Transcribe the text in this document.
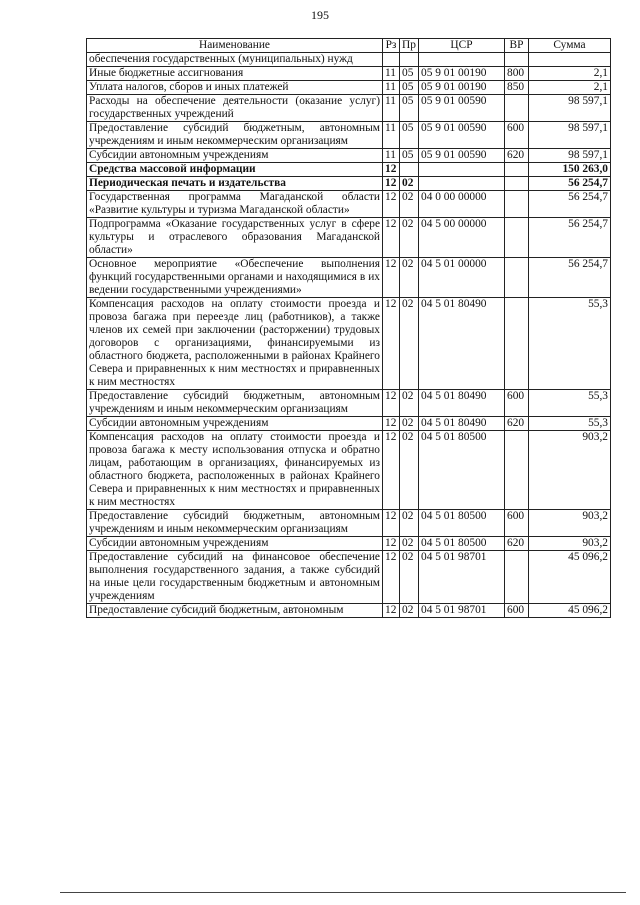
195
Наименование	Рз	Пр	ЦСР	ВР	Сумма
обеспечения государственных (муниципальных) нужд					
Иные бюджетные ассигнования	11	05	05 9 01 00190	800	2,1
Уплата налогов, сборов и иных платежей	11	05	05 9 01 00190	850	2,1
Расходы на обеспечение деятельности (оказание услуг) государственных учреждений	11	05	05 9 01 00590		98 597,1
Предоставление субсидий бюджетным, автономным учреждениям и иным некоммерческим организациям	11	05	05 9 01 00590	600	98 597,1
Субсидии автономным учреждениям	11	05	05 9 01 00590	620	98 597,1
Средства массовой информации	12				150 263,0
Периодическая печать и издательства	12	02			56 254,7
Государственная программа Магаданской области «Развитие культуры и туризма Магаданской области»	12	02	04 0 00 00000		56 254,7
Подпрограмма «Оказание государственных услуг в сфере культуры и отраслевого образования Магаданской области»	12	02	04 5 00 00000		56 254,7
Основное мероприятие «Обеспечение выполнения функций государственными органами и находящимися в их ведении государственными учреждениями»	12	02	04 5 01 00000		56 254,7
Компенсация расходов на оплату стоимости проезда и провоза багажа при переезде лиц (работников), а также членов их семей при заключении (расторжении) трудовых договоров с организациями, финансируемыми из областного бюджета, расположенными в районах Крайнего Севера и приравненных к ним местностях и приравненных к ним местностях	12	02	04 5 01 80490		55,3
Предоставление субсидий бюджетным, автономным учреждениям и иным некоммерческим организациям	12	02	04 5 01 80490	600	55,3
Субсидии автономным учреждениям	12	02	04 5 01 80490	620	55,3
Компенсация расходов на оплату стоимости проезда и провоза багажа к месту использования отпуска и обратно лицам, работающим в организациях, финансируемых из областного бюджета, расположенных в районах Крайнего Севера и приравненных к ним местностях и приравненных к ним местностях	12	02	04 5 01 80500		903,2
Предоставление субсидий бюджетным, автономным учреждениям и иным некоммерческим организациям	12	02	04 5 01 80500	600	903,2
Субсидии автономным учреждениям	12	02	04 5 01 80500	620	903,2
Предоставление субсидий на финансовое обеспечение выполнения государственного задания, а также субсидий на иные цели государственным бюджетным и автономным учреждениям	12	02	04 5 01 98701		45 096,2
Предоставление субсидий бюджетным, автономным	12	02	04 5 01 98701	600	45 096,2
